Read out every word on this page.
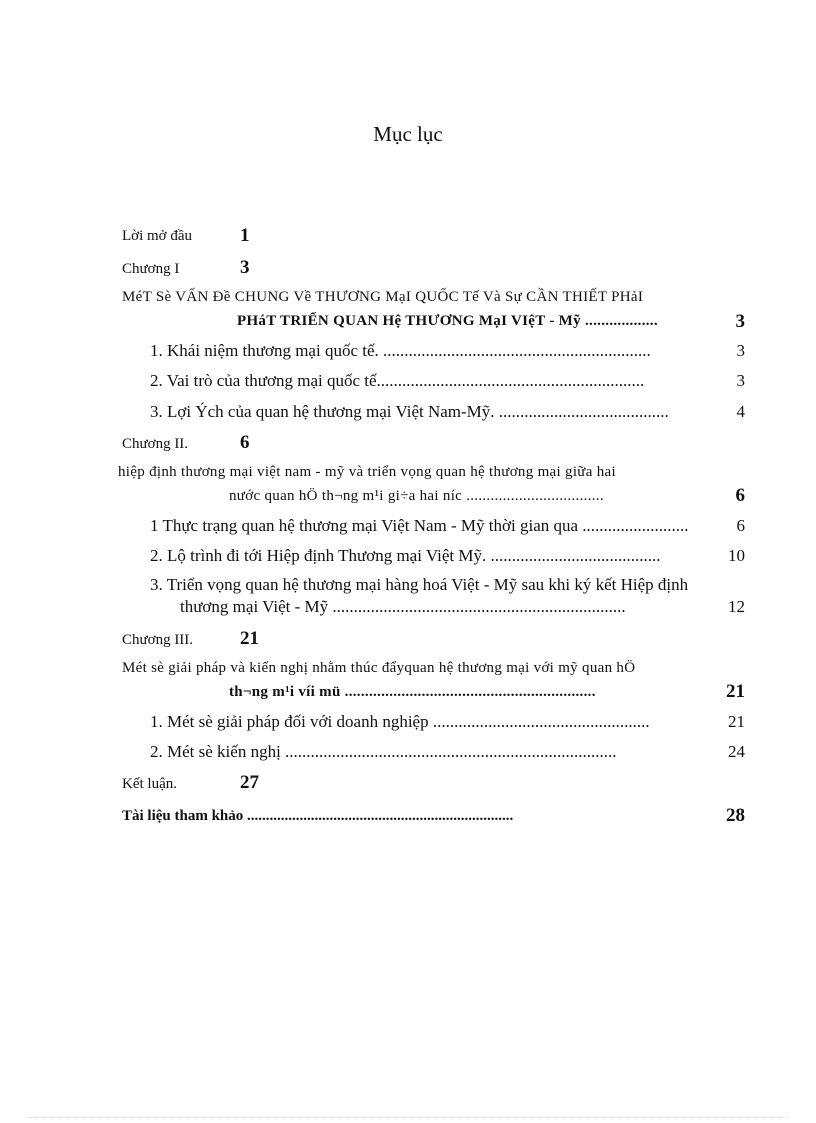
Mục lục
Lời mở đầu	1
Chương I	3
MéT Sè VẤN Đề CHUNG Về THƯƠNG MạI QUỐC Tế Và Sự CẦN THIẾT PHảI
PHáT TRIỂN QUAN Hệ THƯƠNG MạI VIệT - Mỹ ..................	3
1. Khái niệm thương mại quốc tế. ...............................................................	3
2. Vai trò của thương mại quốc tế...............................................................	3
3. Lợi Ých của quan hệ thương mại Việt Nam-Mỹ. ........................................	4
Chương II.	6
hiệp định thương mại việt nam - mỹ và triển vọng quan hệ thương mại giữa hai
nước quan hÖ th¬ng m¹i gi÷a hai níc ..................................	6
1 Thực trạng quan hệ thương mại Việt Nam - Mỹ thời gian qua .........................	6
2. Lộ trình đi tới Hiệp định Thương mại Việt Mỹ. ........................................	10
3. Triển vọng quan hệ thương mại hàng hoá Việt - Mỹ sau khi ký kết Hiệp định
thương mại Việt - Mỹ .....................................................................	12
Chương III. 21
Mét sè giải pháp và kiến nghị nhằm thúc đẩyquan hệ thương mại với mỹ quan hÖ
th¬ng m¹i víi mü ..............................................................	21
1. Mét sè giải pháp đối với doanh nghiệp ...................................................	21
2. Mét sè kiến nghị ..............................................................................	24
Kết luận.	27
Tài liệu tham khảo .......................................................................	28
